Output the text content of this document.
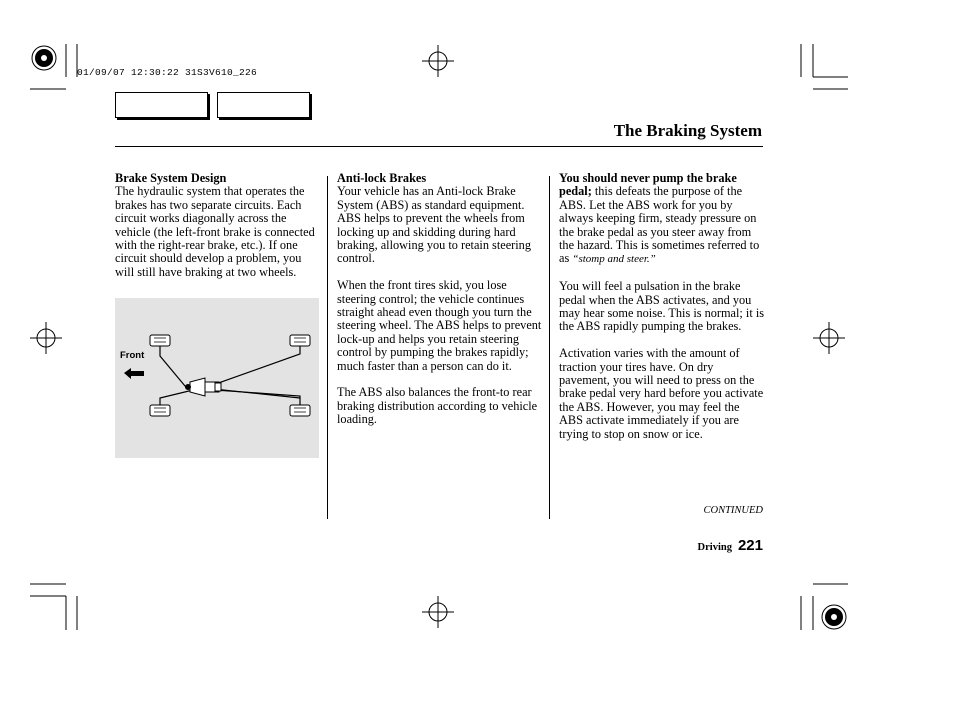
01/09/07 12:30:22 31S3V610_226
The Braking System
Brake System Design

The hydraulic system that operates the brakes has two separate circuits. Each circuit works diagonally across the vehicle (the left-front brake is connected with the right-rear brake, etc.). If one circuit should develop a problem, you will still have braking at two wheels.

Front
Anti-lock Brakes

Your vehicle has an Anti-lock Brake System (ABS) as standard equipment. ABS helps to prevent the wheels from locking up and skidding during hard braking, allowing you to retain steering control.

When the front tires skid, you lose steering control; the vehicle continues straight ahead even though you turn the steering wheel. The ABS helps to prevent lock-up and helps you retain steering control by pumping the brakes rapidly; much faster than a person can do it.

The ABS also balances the front-to rear braking distribution according to vehicle loading.

You should never pump the brake pedal; this defeats the purpose of the ABS. Let the ABS work for you by always keeping firm, steady pressure on the brake pedal as you steer away from the hazard. This is sometimes referred to as “stomp and steer.”

You will feel a pulsation in the brake pedal when the ABS activates, and you may hear some noise. This is normal; it is the ABS rapidly pumping the brakes.

Activation varies with the amount of traction your tires have. On dry pavement, you will need to press on the brake pedal very hard before you activate the ABS. However, you may feel the ABS activate immediately if you are trying to stop on snow or ice.

CONTINUED
Driving 221
